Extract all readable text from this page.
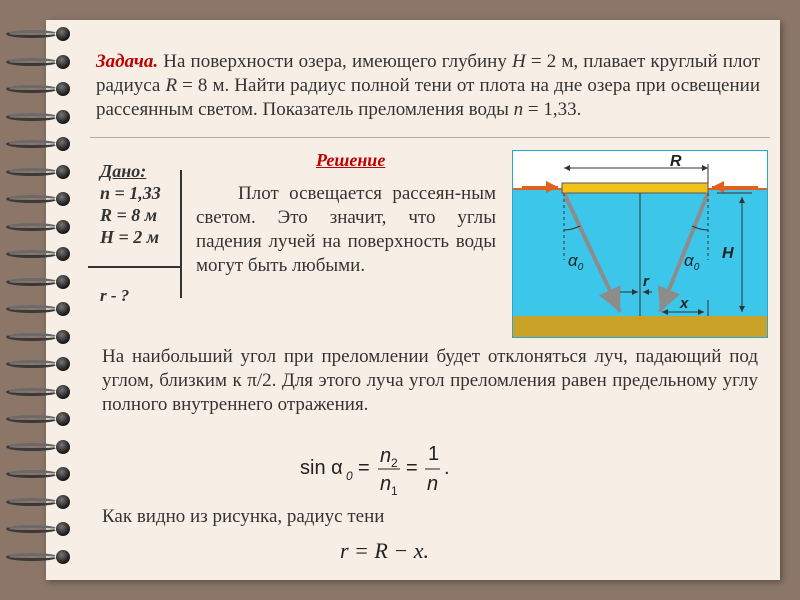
Задача. На поверхности озера, имеющего глубину H = 2 м, плавает круглый плот радиуса R = 8 м. Найти радиус полной тени от плота на дне озера при освещении рассеянным светом. Показатель преломления воды n = 1,33.
Дано:
n = 1,33
R = 8 м
H = 2 м
r - ?
Решение
Плот освещается рассеян-ным светом. Это значит, что углы падения лучей на поверхность воды могут быть любыми.
R
H
r
x
$\alpha_0$	$\alpha_0$
На наибольший угол при преломлении будет отклоняться луч, падающий под углом, близким к π/2. Для этого луча угол преломления равен предельному углу полного внутреннего отражения.
sin α 0 =
n 2
n 1
=
1
n
.
Как видно из рисунка, радиус тени
r = R − x.
